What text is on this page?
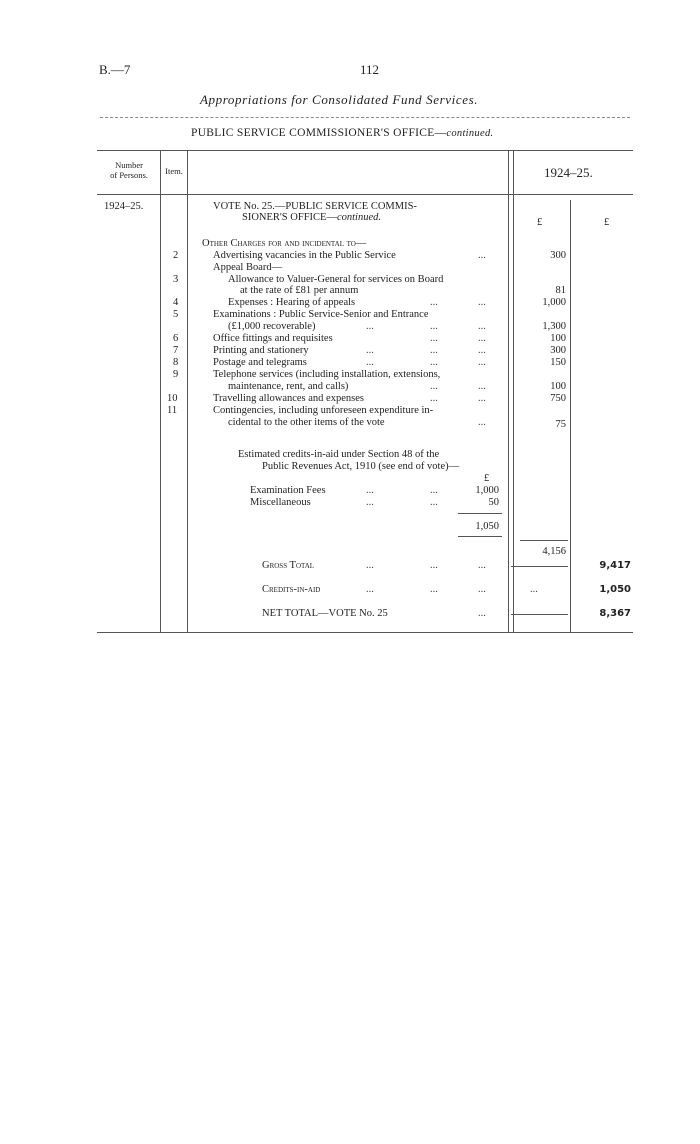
B.—7	112
Appropriations for Consolidated Fund Services.
PUBLIC SERVICE COMMISSIONER'S OFFICE—continued.
Number
of Persons.	Item.	1924–25.
£	£
1924–25.	VOTE No. 25.—PUBLIC SERVICE COMMIS-
SIONER'S OFFICE—continued.
Other Charges for and incidental to—
2	Advertising vacancies in the Public Service	...	300
Appeal Board—
3	Allowance to Valuer-General for services on Board
at the rate of £81 per annum	81
4	Expenses : Hearing of appeals	...	...	1,000
5	Examinations : Public Service-Senior and Entrance
(£1,000 recoverable)	...	...	...	1,300
6	Office fittings and requisites	...	...	100
7	Printing and stationery	...	...	...	300
8	Postage and telegrams	...	...	...	150
9	Telephone services (including installation, extensions,
maintenance, rent, and calls)	...	...	100
10	Travelling allowances and expenses	...	...	750
11	Contingencies, including unforeseen expenditure in-
cidental to the other items of the vote	...	75
Estimated credits-in-aid under Section 48 of the
Public Revenues Act, 1910 (see end of vote)—
£
Examination Fees	...	...	1,000
Miscellaneous	...	...	50
1,050
4,156
Gross Total	...	...	...	9,417
Credits-in-aid	...	...	...	...	1,050
NET TOTAL—VOTE No. 25	...	8,367
